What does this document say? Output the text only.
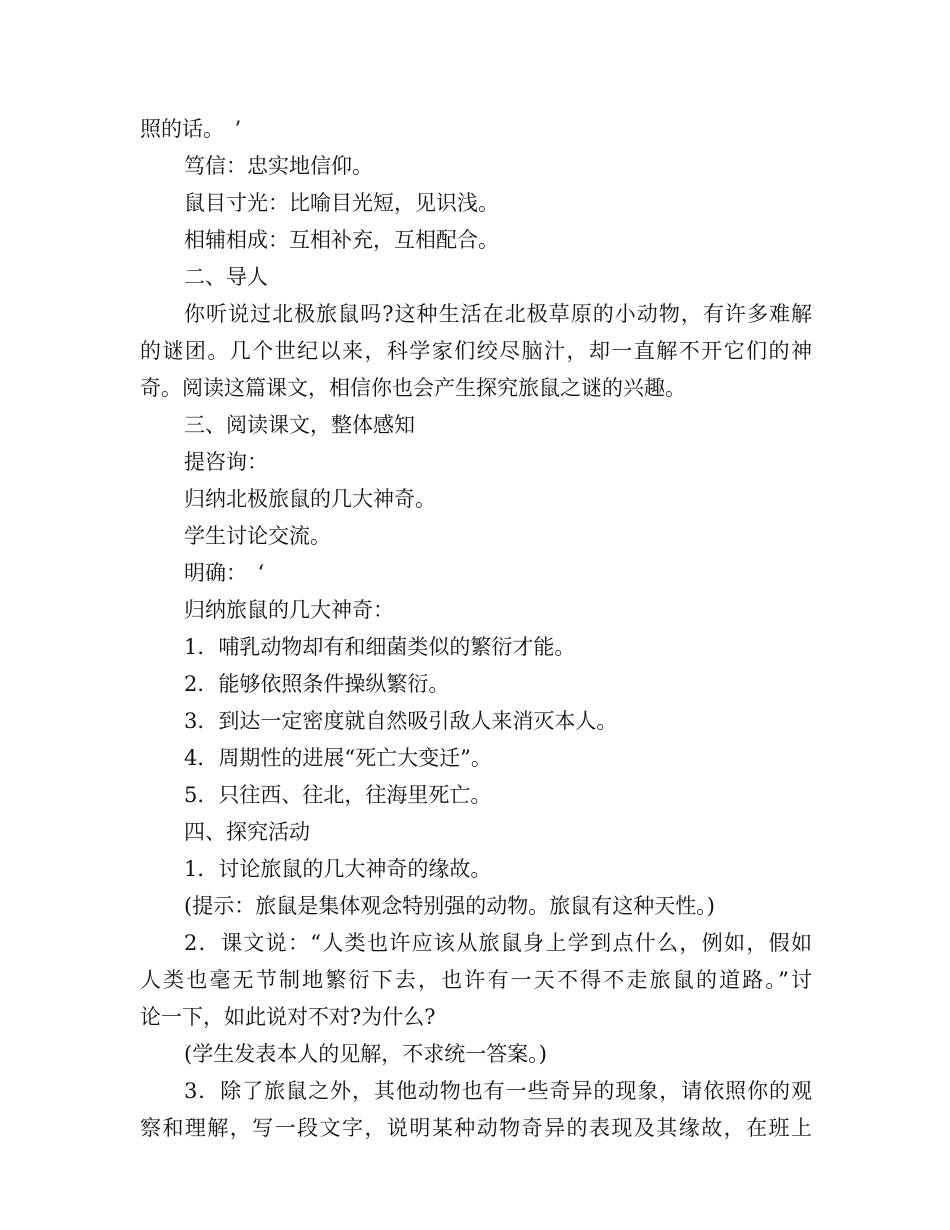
照的话。　’
笃信：忠实地信仰。
鼠目寸光：比喻目光短，见识浅。
相辅相成：互相补充，互相配合。
二、导人
你听说过北极旅鼠吗?这种生活在北极草原的小动物，有许多难解
的谜团。几个世纪以来，科学家们绞尽脑汁，却一直解不开它们的神
奇。阅读这篇课文，相信你也会产生探究旅鼠之谜的兴趣。
三、阅读课文，整体感知
提咨询：
归纳北极旅鼠的几大神奇。
学生讨论交流。
明确：　‘
归纳旅鼠的几大神奇：
1．哺乳动物却有和细菌类似的繁衍才能。
2．能够依照条件操纵繁衍。
3．到达一定密度就自然吸引敌人来消灭本人。
4．周期性的进展“死亡大变迁”。
5．只往西、往北，往海里死亡。
四、探究活动
1．讨论旅鼠的几大神奇的缘故。
(提示：旅鼠是集体观念特别强的动物。旅鼠有这种天性。)
2．课文说：“人类也许应该从旅鼠身上学到点什么，例如，假如
人类也毫无节制地繁衍下去，也许有一天不得不走旅鼠的道路。”讨
论一下，如此说对不对?为什么?
(学生发表本人的见解，不求统一答案。)
3．除了旅鼠之外，其他动物也有一些奇异的现象，请依照你的观
察和理解，写一段文字，说明某种动物奇异的表现及其缘故，在班上
